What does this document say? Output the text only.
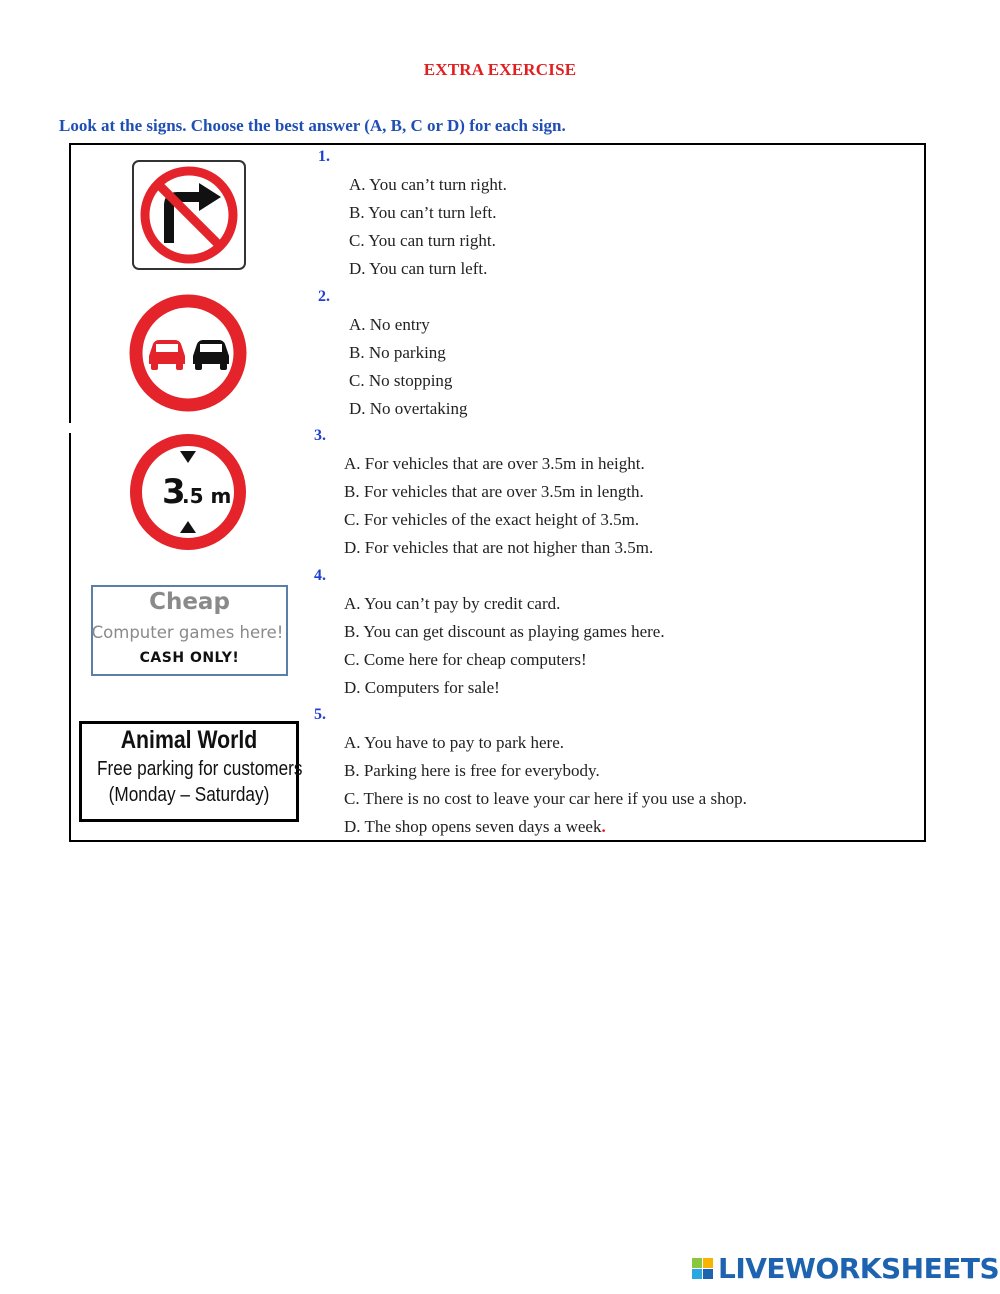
EXTRA EXERCISE
Look at the signs. Choose the best answer (A, B, C or D) for each sign.
3
.5 m
Cheap
Computer games here!
CASH ONLY!
Animal World
Free parking for customers
(Monday – Saturday)
1.
A. You can’t turn right.
B. You can’t turn left.
C. You can turn right.
D. You can turn left.
2.
A. No entry
B. No parking
C. No stopping
D. No overtaking
3.
A. For vehicles that are over 3.5m in height.
B. For vehicles that are over 3.5m in length.
C. For vehicles of the exact height of 3.5m.
D. For vehicles that are not higher than 3.5m.
4.
A. You can’t pay by credit card.
B. You can get discount as playing games here.
C. Come here for cheap computers!
D. Computers for sale!
5.
A. You have to pay to park here.
B. Parking here is free for everybody.
C. There is no cost to leave your car here if you use a shop.
D. The shop opens seven days a week.
LIVEWORKSHEETS
